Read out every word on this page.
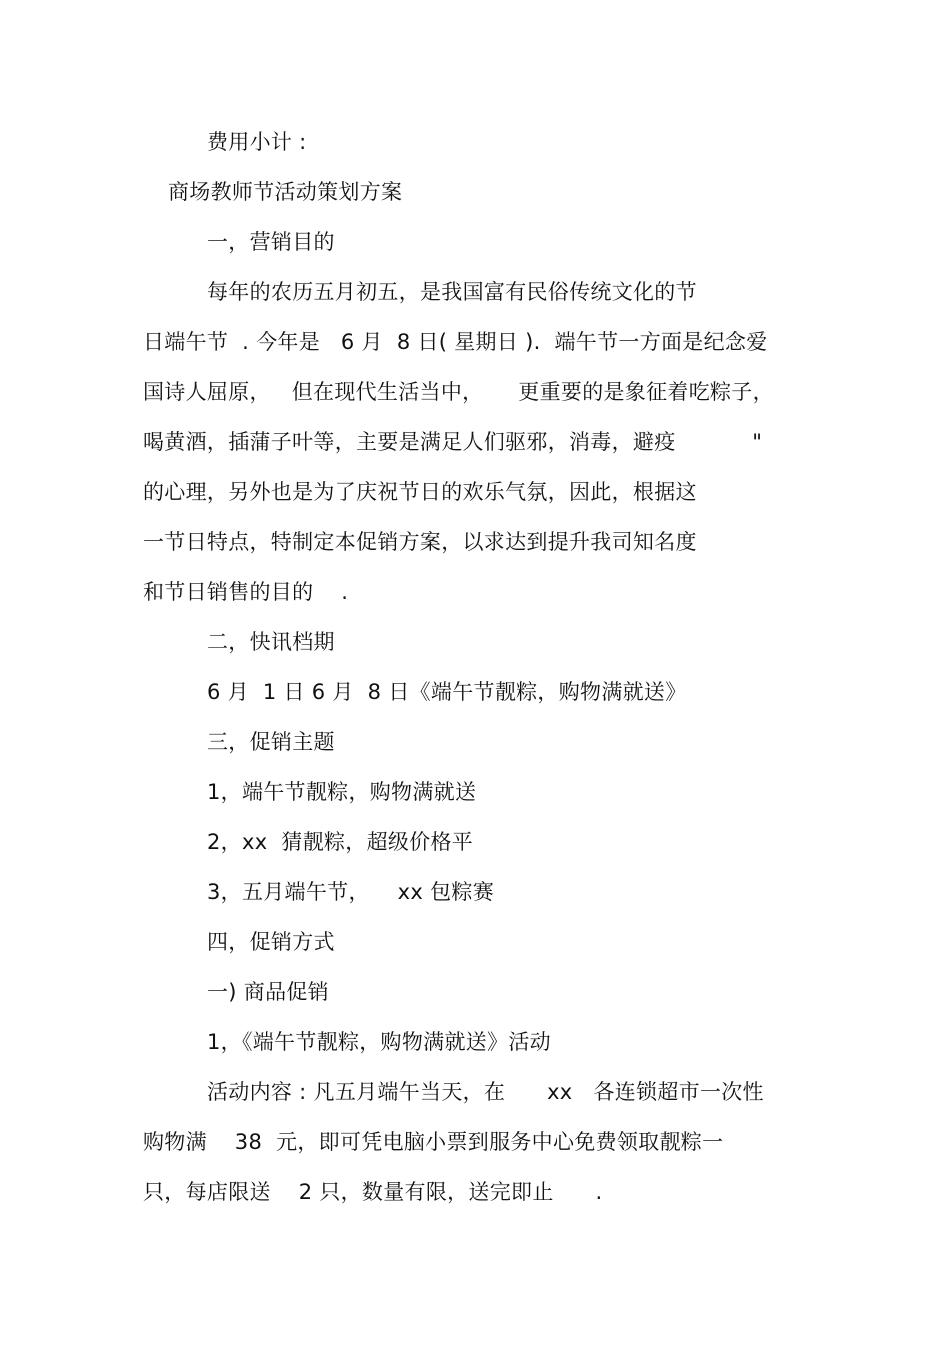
费用小计 :
商场教师节活动策划方案
一，营销目的
每年的农历五月初五，是我国富有民俗传统文化的节
日端午节  . 今年是   6 月  8 日( 星期日 ).  端午节一方面是纪念爱
国诗人屈原，   但在现代生活当中，     更重要的是象征着吃粽子，
喝黄酒，插蒲子叶等，主要是满足人们驱邪，消毒，避疫           "
的心理，另外也是为了庆祝节日的欢乐气氛，因此，根据这
一节日特点，特制定本促销方案，以求达到提升我司知名度
和节日销售的目的    .
二，快讯档期
6 月  1 日 6 月  8 日《端午节靓粽，购物满就送》
三，促销主题
1，端午节靓粽，购物满就送
2，xx  猜靓粽，超级价格平
3，五月端午节，    xx 包粽赛
四，促销方式
一) 商品促销
1，《端午节靓粽，购物满就送》活动
活动内容 : 凡五月端午当天，在      xx   各连锁超市一次性
购物满    38  元，即可凭电脑小票到服务中心免费领取靓粽一
只，每店限送    2 只，数量有限，送完即止      .
